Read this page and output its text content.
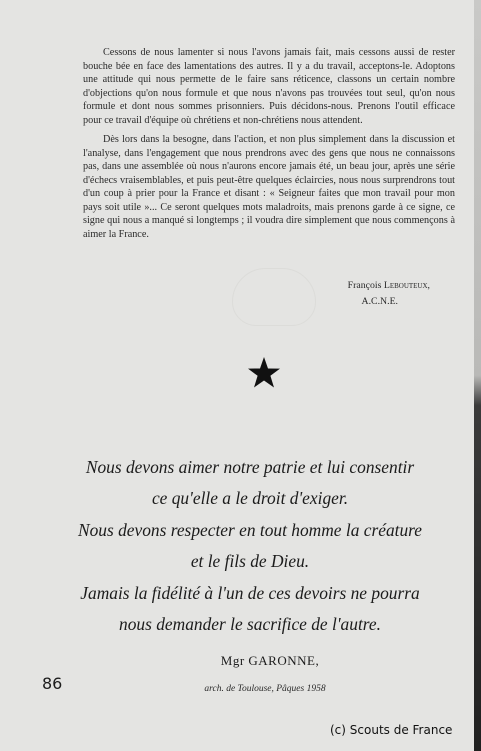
Cessons de nous lamenter si nous l'avons jamais fait, mais cessons aussi de rester bouche bée en face des lamentations des autres. Il y a du travail, acceptons-le. Adoptons une attitude qui nous permette de le faire sans réticence, classons un certain nombre d'objections qu'on nous formule et que nous n'avons pas trouvées tout seul, qu'on nous formule et dont nous sommes prisonniers. Puis décidons-nous. Prenons l'outil efficace pour ce travail d'équipe où chrétiens et non-chrétiens nous attendent.

Dès lors dans la besogne, dans l'action, et non plus simplement dans la discussion et l'analyse, dans l'engagement que nous prendrons avec des gens que nous ne connaissons pas, dans une assemblée où nous n'aurons encore jamais été, un beau jour, après une série d'échecs vraisemblables, et puis peut-être quelques éclaircies, nous nous surprendrons tout d'un coup à prier pour la France et disant : « Seigneur faites que mon travail pour mon pays soit utile »... Ce seront quelques mots maladroits, mais prenons garde à ce signe, ce signe qui nous a manqué si longtemps ; il voudra dire simplement que nous commençons à aimer la France.

François Lebouteux,
A.C.N.E.
Nous devons aimer notre patrie et lui consentir
ce qu'elle a le droit d'exiger.
Nous devons respecter en tout homme la créature
et le fils de Dieu.
Jamais la fidélité à l'un de ces devoirs ne pourra
nous demander le sacrifice de l'autre.
Mgr GARONNE,
arch. de Toulouse, Pâques 1958
86
(c) Scouts de France
